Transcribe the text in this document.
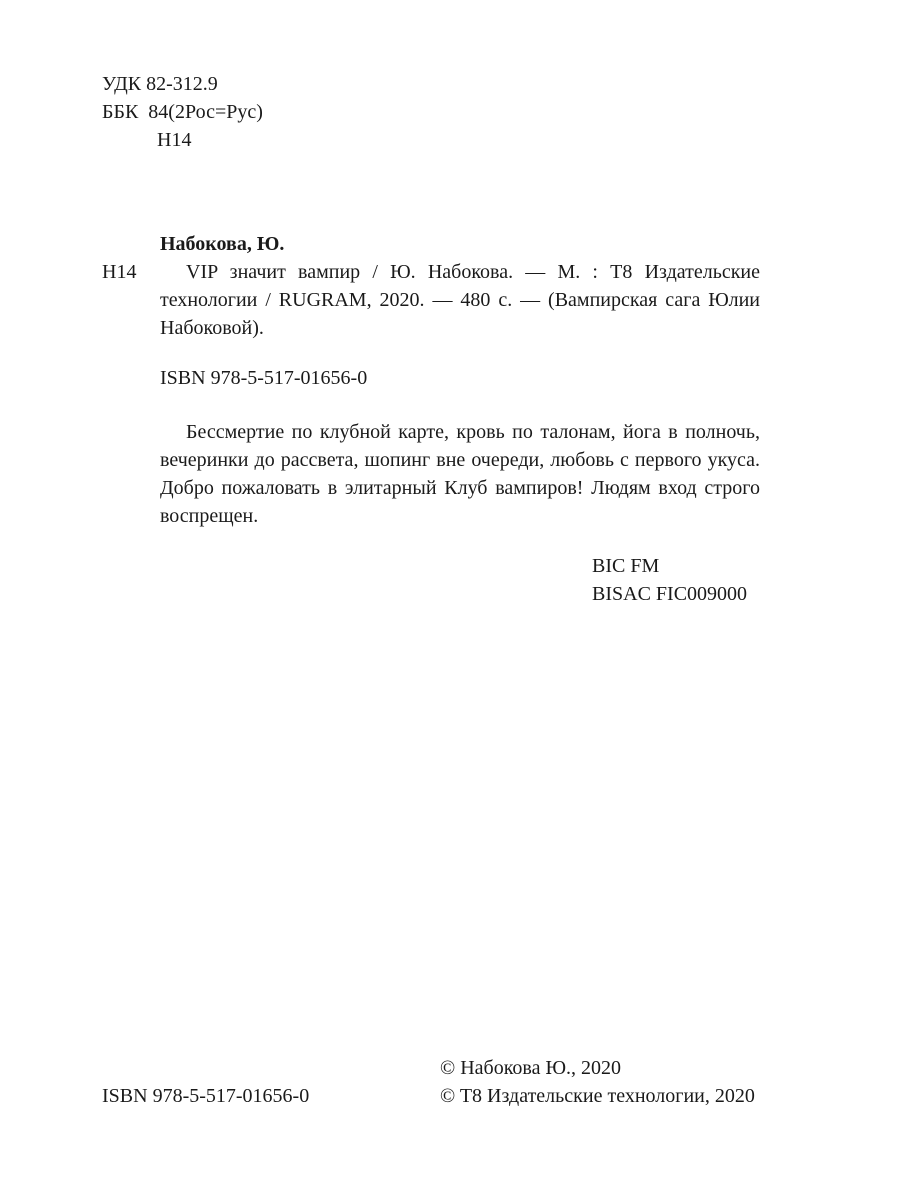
УДК 82-312.9
ББК  84(2Рос=Рус)
Н14
Набокова, Ю.
Н14	VIP значит вампир / Ю. Набокова. — М. : T8 Издательские технологии / RUGRAM, 2020. — 480 с. — (Вампирская сага Юлии Набоковой).
ISBN 978-5-517-01656-0
Бессмертие по клубной карте, кровь по талонам, йога в полночь, вечеринки до рассвета, шопинг вне очереди, любовь с первого укуса. Добро пожаловать в элитарный Клуб вампиров! Людям вход строго воспрещен.
BIC FM
BISAC FIC009000
ISBN 978-5-517-01656-0
© Набокова Ю., 2020
© T8 Издательские технологии, 2020
